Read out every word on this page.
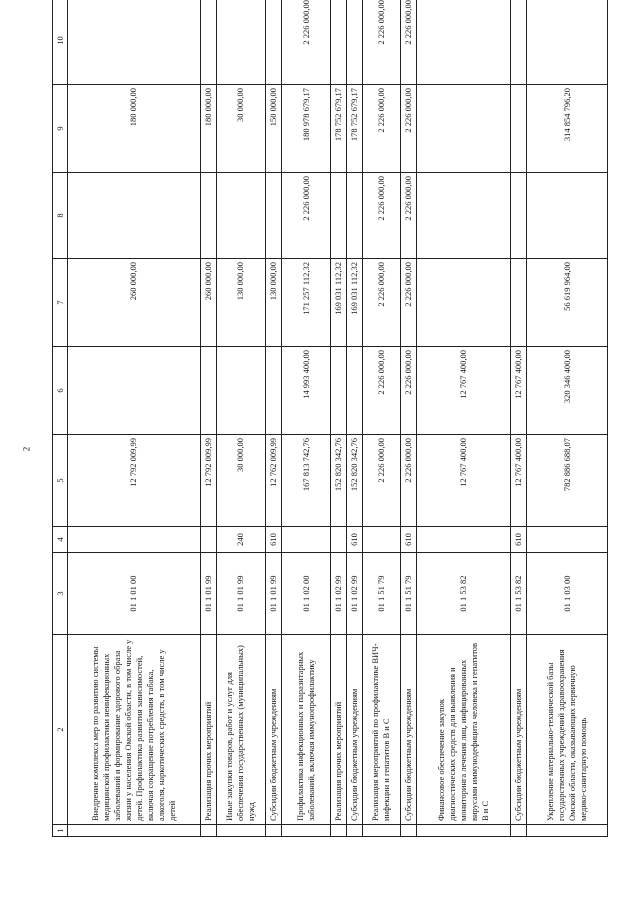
2
1	2	3	4	5	6	7	8	9	10
	Внедрение комплекса мер по развитию системы медицинской профилактики неинфекционных заболеваний и формирование здорового образа жизни у населения Омской области, в том числе у детей. Профилактика развития зависимостей, включая сокращение потребления табака, алкоголя, наркотических средств, в том числе у детей	01 1 01 00		12 792 009,99		260 000,00		180 000,00	
	Реализация прочих мероприятий	01 1 01 99		12 792 009,99		260 000,00		180 000,00	
	Иные закупки товаров, работ и услуг для обеспечения государственных (муниципальных) нужд	01 1 01 99	240	30 000,00		130 000,00		30 000,00	
	Субсидии бюджетным учреждениям	01 1 01 99	610	12 762 009,99		130 000,00		150 000,00	
	Профилактика инфекционных и паразитарных заболеваний, включая иммунопрофилактику	01 1 02 00		167 813 742,76	14 993 400,00	171 257 112,32	2 226 000,00	180 978 679,17	2 226 000,00
	Реализация прочих мероприятий	01 1 02 99		152 820 342,76		169 031 112,32		178 752 679,17	
	Субсидии бюджетным учреждениям	01 1 02 99	610	152 820 342,76		169 031 112,32		178 752 679,17	
	Реализация мероприятий по профилактике ВИЧ-инфекции и гепатитов В и С	01 1 51 79		2 226 000,00	2 226 000,00	2 226 000,00	2 226 000,00	2 226 000,00	2 226 000,00
	Субсидии бюджетным учреждениям	01 1 51 79	610	2 226 000,00	2 226 000,00	2 226 000,00	2 226 000,00	2 226 000,00	2 226 000,00
	Финансовое обеспечение закупок диагностических средств для выявления и мониторинга лечения лиц, инфицированных вирусами иммунодефицита человека и гепатитов В и С	01 1 53 82		12 767 400,00	12 767 400,00				
	Субсидии бюджетным учреждениям	01 1 53 82	610	12 767 400,00	12 767 400,00				
	Укрепление материально-технической базы государственных учреждений здравоохранения Омской области, оказывающих первичную медико-санитарную помощь	01 1 03 00		782 886 688,07	320 346 400,00	56 619 964,00		314 854 796,20	
